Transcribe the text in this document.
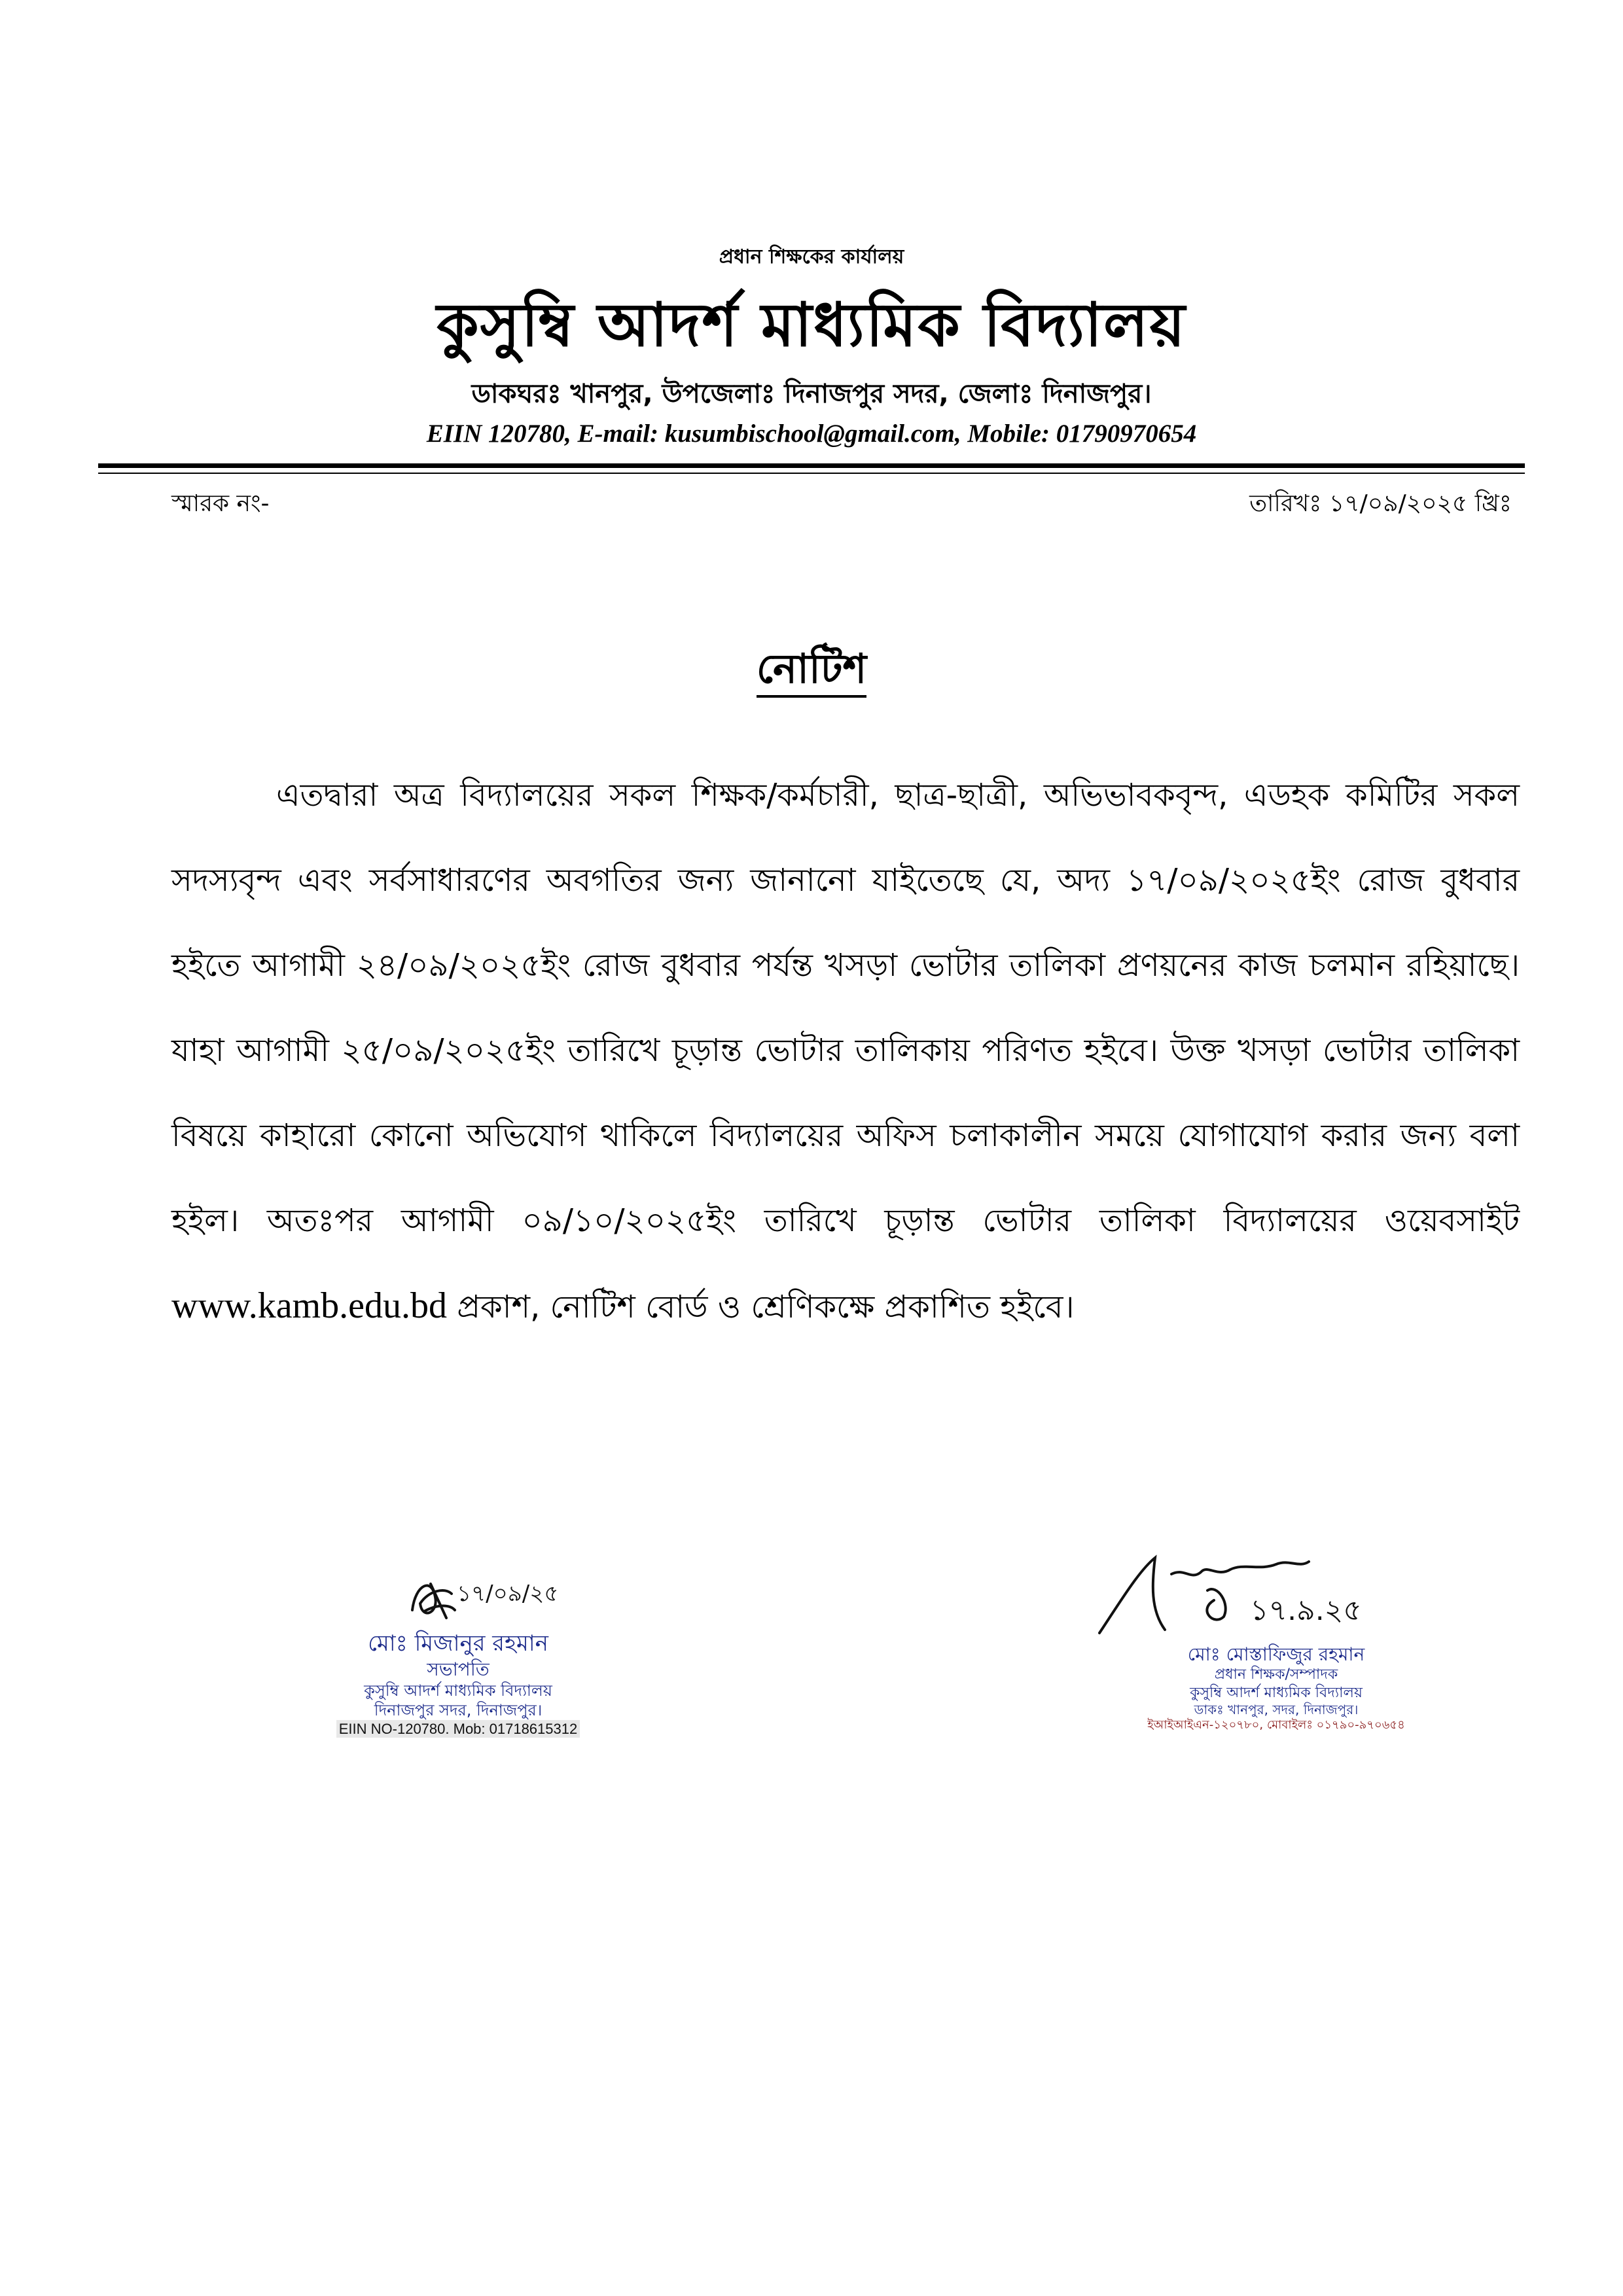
প্রধান শিক্ষকের কার্যালয়
কুসুম্বি আদর্শ মাধ্যমিক বিদ্যালয়
ডাকঘরঃ খানপুর, উপজেলাঃ দিনাজপুর সদর, জেলাঃ দিনাজপুর।
EIIN 120780, E-mail: kusumbischool@gmail.com, Mobile: 01790970654
স্মারক নং-	তারিখঃ ১৭/০৯/২০২৫ খ্রিঃ
নোটিশ
এতদ্বারা অত্র বিদ্যালয়ের সকল শিক্ষক/কর্মচারী, ছাত্র-ছাত্রী, অভিভাবকবৃন্দ, এডহক কমিটির সকল সদস্যবৃন্দ এবং সর্বসাধারণের অবগতির জন্য জানানো যাইতেছে যে, অদ্য ১৭/০৯/২০২৫ইং রোজ বুধবার হইতে আগামী ২৪/০৯/২০২৫ইং রোজ বুধবার পর্যন্ত খসড়া ভোটার তালিকা প্রণয়নের কাজ চলমান রহিয়াছে। যাহা আগামী ২৫/০৯/২০২৫ইং তারিখে চূড়ান্ত ভোটার তালিকায় পরিণত হইবে। উক্ত খসড়া ভোটার তালিকা বিষয়ে কাহারো কোনো অভিযোগ থাকিলে বিদ্যালয়ের অফিস চলাকালীন সময়ে যোগাযোগ করার জন্য বলা হইল। অতঃপর আগামী ০৯/১০/২০২৫ইং তারিখে চূড়ান্ত ভোটার তালিকা বিদ্যালয়ের ওয়েবসাইট www.kamb.edu.bd প্রকাশ, নোটিশ বোর্ড ও শ্রেণিকক্ষে প্রকাশিত হইবে।
১৭/০৯/২৫
মোঃ মিজানুর রহমান
সভাপতি
কুসুম্বি আদর্শ মাধ্যমিক বিদ্যালয়
দিনাজপুর সদর, দিনাজপুর।
EIIN NO-120780. Mob: 01718615312
১৭.৯.২৫
মোঃ মোস্তাফিজুর রহমান
প্রধান শিক্ষক/সম্পাদক
কুসুম্বি আদর্শ মাধ্যমিক বিদ্যালয়
ডাকঃ খানপুর, সদর, দিনাজপুর।
ইআইআইএন-১২০৭৮০, মোবাইলঃ ০১৭৯০-৯৭০৬৫৪
